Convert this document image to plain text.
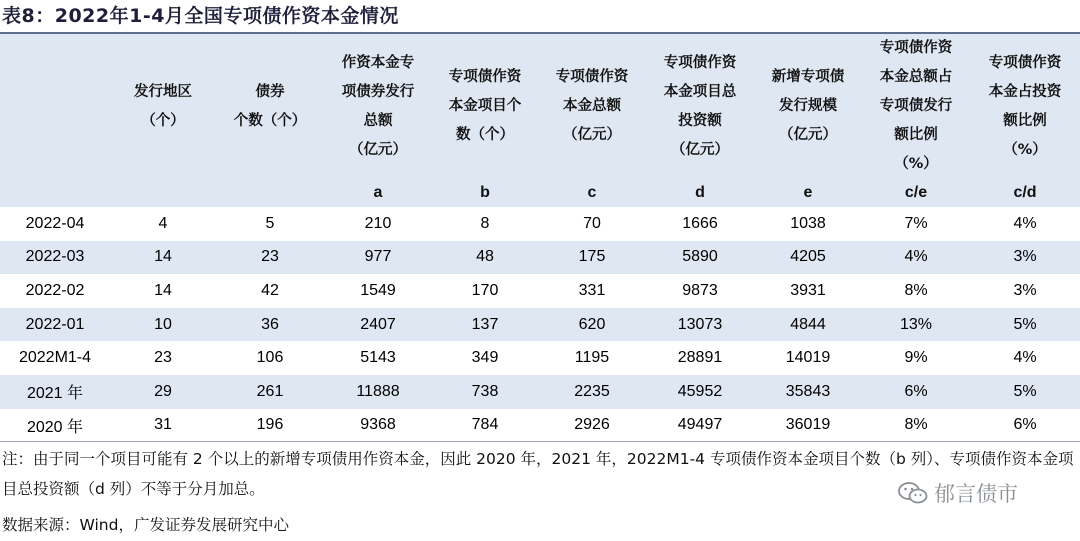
表8：2022年1-4月全国专项债作资本金情况
	发行地区
（个）	债券
个数（个）	作资本金专
项债券发行
总额
（亿元）	专项债作资
本金项目个
数（个）	专项债作资
本金总额
（亿元）	专项债作资
本金项目总
投资额
（亿元）	新增专项债
发行规模
（亿元）	专项债作资
本金总额占
专项债发行
额比例
（%）	专项债作资
本金占投资
额比例
（%）
			a	b	c	d	e	c/e	c/d
2022-04	4	5	210	8	70	1666	1038	7%	4%
2022-03	14	23	977	48	175	5890	4205	4%	3%
2022-02	14	42	1549	170	331	9873	3931	8%	3%
2022-01	10	36	2407	137	620	13073	4844	13%	5%
2022M1-4	23	106	5143	349	1195	28891	14019	9%	4%
2021 年	29	261	11888	738	2235	45952	35843	6%	5%
2020 年	31	196	9368	784	2926	49497	36019	8%	6%
注：由于同一个项目可能有 2 个以上的新增专项债用作资本金，因此 2020 年，2021 年，2022M1-4 专项债作资本金项目个数（b 列）、专项债作资本金项目总投资额（d 列）不等于分月加总。
数据来源：Wind，广发证券发展研究中心
郁言债市
